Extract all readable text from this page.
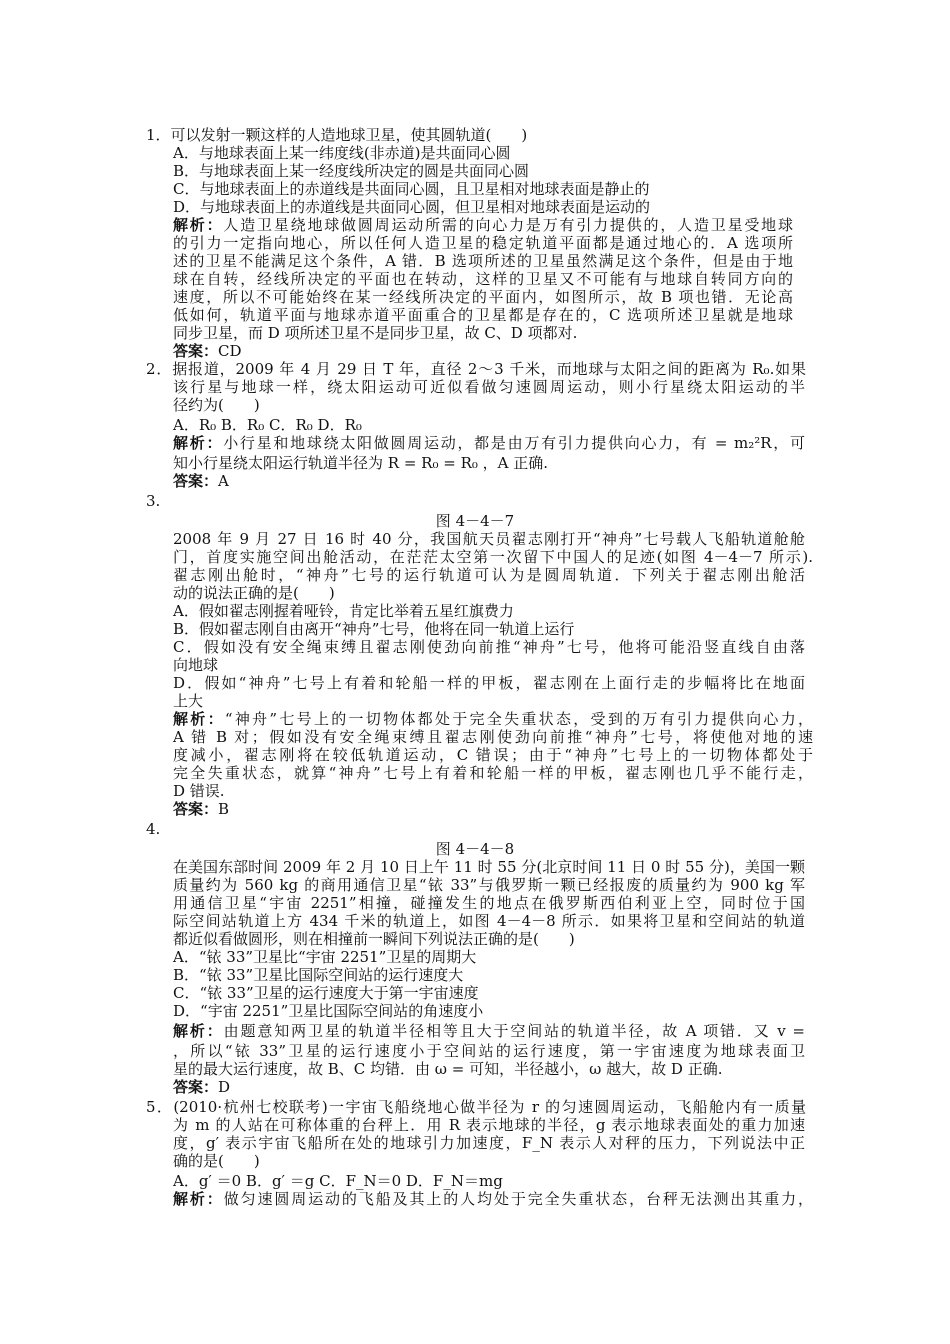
1．可以发射一颗这样的人造地球卫星，使其圆轨道(　　)
A．与地球表面上某一纬度线(非赤道)是共面同心圆
B．与地球表面上某一经度线所决定的圆是共面同心圆
C．与地球表面上的赤道线是共面同心圆，且卫星相对地球表面是静止的
D．与地球表面上的赤道线是共面同心圆，但卫星相对地球表面是运动的
解析：人造卫星绕地球做圆周运动所需的向心力是万有引力提供的，人造卫星受地球
的引力一定指向地心，所以任何人造卫星的稳定轨道平面都是通过地心的．A 选项所
述的卫星不能满足这个条件，A 错．B 选项所述的卫星虽然满足这个条件，但是由于地
球在自转，经线所决定的平面也在转动，这样的卫星又不可能有与地球自转同方向的
速度，所以不可能始终在某一经线所决定的平面内，如图所示，故 B 项也错．无论高
低如何，轨道平面与地球赤道平面重合的卫星都是存在的，C 选项所述卫星就是地球
同步卫星，而 D 项所述卫星不是同步卫星，故 C、D 项都对.
答案：CD
2．据报道，2009 年 4 月 29 日 T 年，直径 2～3 千米，而地球与太阳之间的距离为 R₀.如果
该行星与地球一样，绕太阳运动可近似看做匀速圆周运动，则小行星绕太阳运动的半
径约为(　　)
A．R₀ B．R₀ C．R₀ D．R₀
解析：小行星和地球绕太阳做圆周运动，都是由万有引力提供向心力，有 = m₂²R，可
知小行星绕太阳运行轨道半径为 R = R₀ = R₀ ，A 正确.
答案：A
3.
图 4－4－7
2008 年 9 月 27 日 16 时 40 分，我国航天员翟志刚打开“神舟”七号载人飞船轨道舱舱
门，首度实施空间出舱活动，在茫茫太空第一次留下中国人的足迹(如图 4－4－7 所示).
翟志刚出舱时，“神舟”七号的运行轨道可认为是圆周轨道．下列关于翟志刚出舱活
动的说法正确的是(　　)
A．假如翟志刚握着哑铃，肯定比举着五星红旗费力
B．假如翟志刚自由离开“神舟”七号，他将在同一轨道上运行
C．假如没有安全绳束缚且翟志刚使劲向前推“神舟”七号，他将可能沿竖直线自由落
向地球
D．假如“神舟”七号上有着和轮船一样的甲板，翟志刚在上面行走的步幅将比在地面
上大
解析：“神舟”七号上的一切物体都处于完全失重状态，受到的万有引力提供向心力，
A 错 B 对；假如没有安全绳束缚且翟志刚使劲向前推“神舟”七号，将使他对地的速
度减小，翟志刚将在较低轨道运动，C 错误；由于“神舟”七号上的一切物体都处于
完全失重状态，就算“神舟”七号上有着和轮船一样的甲板，翟志刚也几乎不能行走，
D 错误.
答案：B
4.
图 4－4－8
在美国东部时间 2009 年 2 月 10 日上午 11 时 55 分(北京时间 11 日 0 时 55 分)，美国一颗
质量约为 560 kg 的商用通信卫星“铱 33”与俄罗斯一颗已经报废的质量约为 900 kg 军
用通信卫星“宇宙 2251”相撞，碰撞发生的地点在俄罗斯西伯利亚上空，同时位于国
际空间站轨道上方 434 千米的轨道上，如图 4－4－8 所示．如果将卫星和空间站的轨道
都近似看做圆形，则在相撞前一瞬间下列说法正确的是(　　)
A．“铱 33”卫星比“宇宙 2251”卫星的周期大
B．“铱 33”卫星比国际空间站的运行速度大
C．“铱 33”卫星的运行速度大于第一宇宙速度
D．“宇宙 2251”卫星比国际空间站的角速度小
解析：由题意知两卫星的轨道半径相等且大于空间站的轨道半径，故 A 项错．又 v =
，所以“铱 33”卫星的运行速度小于空间站的运行速度，第一宇宙速度为地球表面卫
星的最大运行速度，故 B、C 均错．由 ω = 可知，半径越小，ω 越大，故 D 正确.
答案：D
5．(2010·杭州七校联考)一宇宙飞船绕地心做半径为 r 的匀速圆周运动，飞船舱内有一质量
为 m 的人站在可称体重的台秤上．用 R 表示地球的半径，g 表示地球表面处的重力加速
度，g′ 表示宇宙飞船所在处的地球引力加速度，F_N 表示人对秤的压力，下列说法中正
确的是(　　)
A．g′ ＝0 B．g′ ＝g C．F_N＝0 D．F_N＝mg
解析：做匀速圆周运动的飞船及其上的人均处于完全失重状态，台秤无法测出其重力，
